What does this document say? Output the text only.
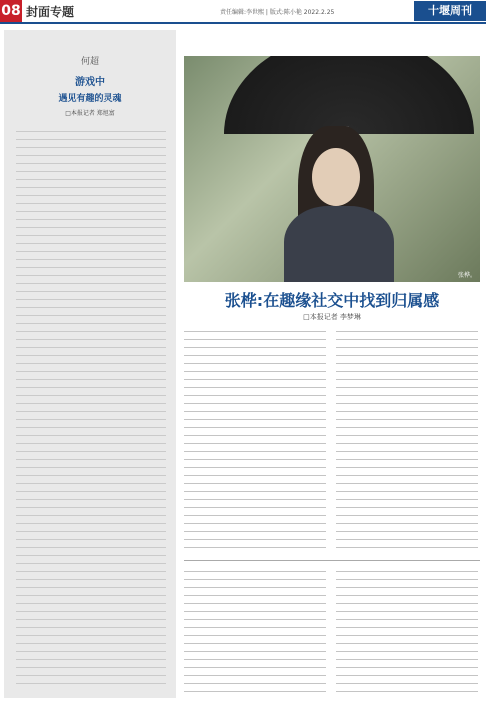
08 封面专题	责任编辑:李世熙 | 版式:陈小艳 2022.2.25	十堰周刊
何超
游戏中
遇见有趣的灵魂
□本报记者 郑旭富
张桦。
张桦:在趣缘社交中找到归属感
□本报记者 李梦琳
